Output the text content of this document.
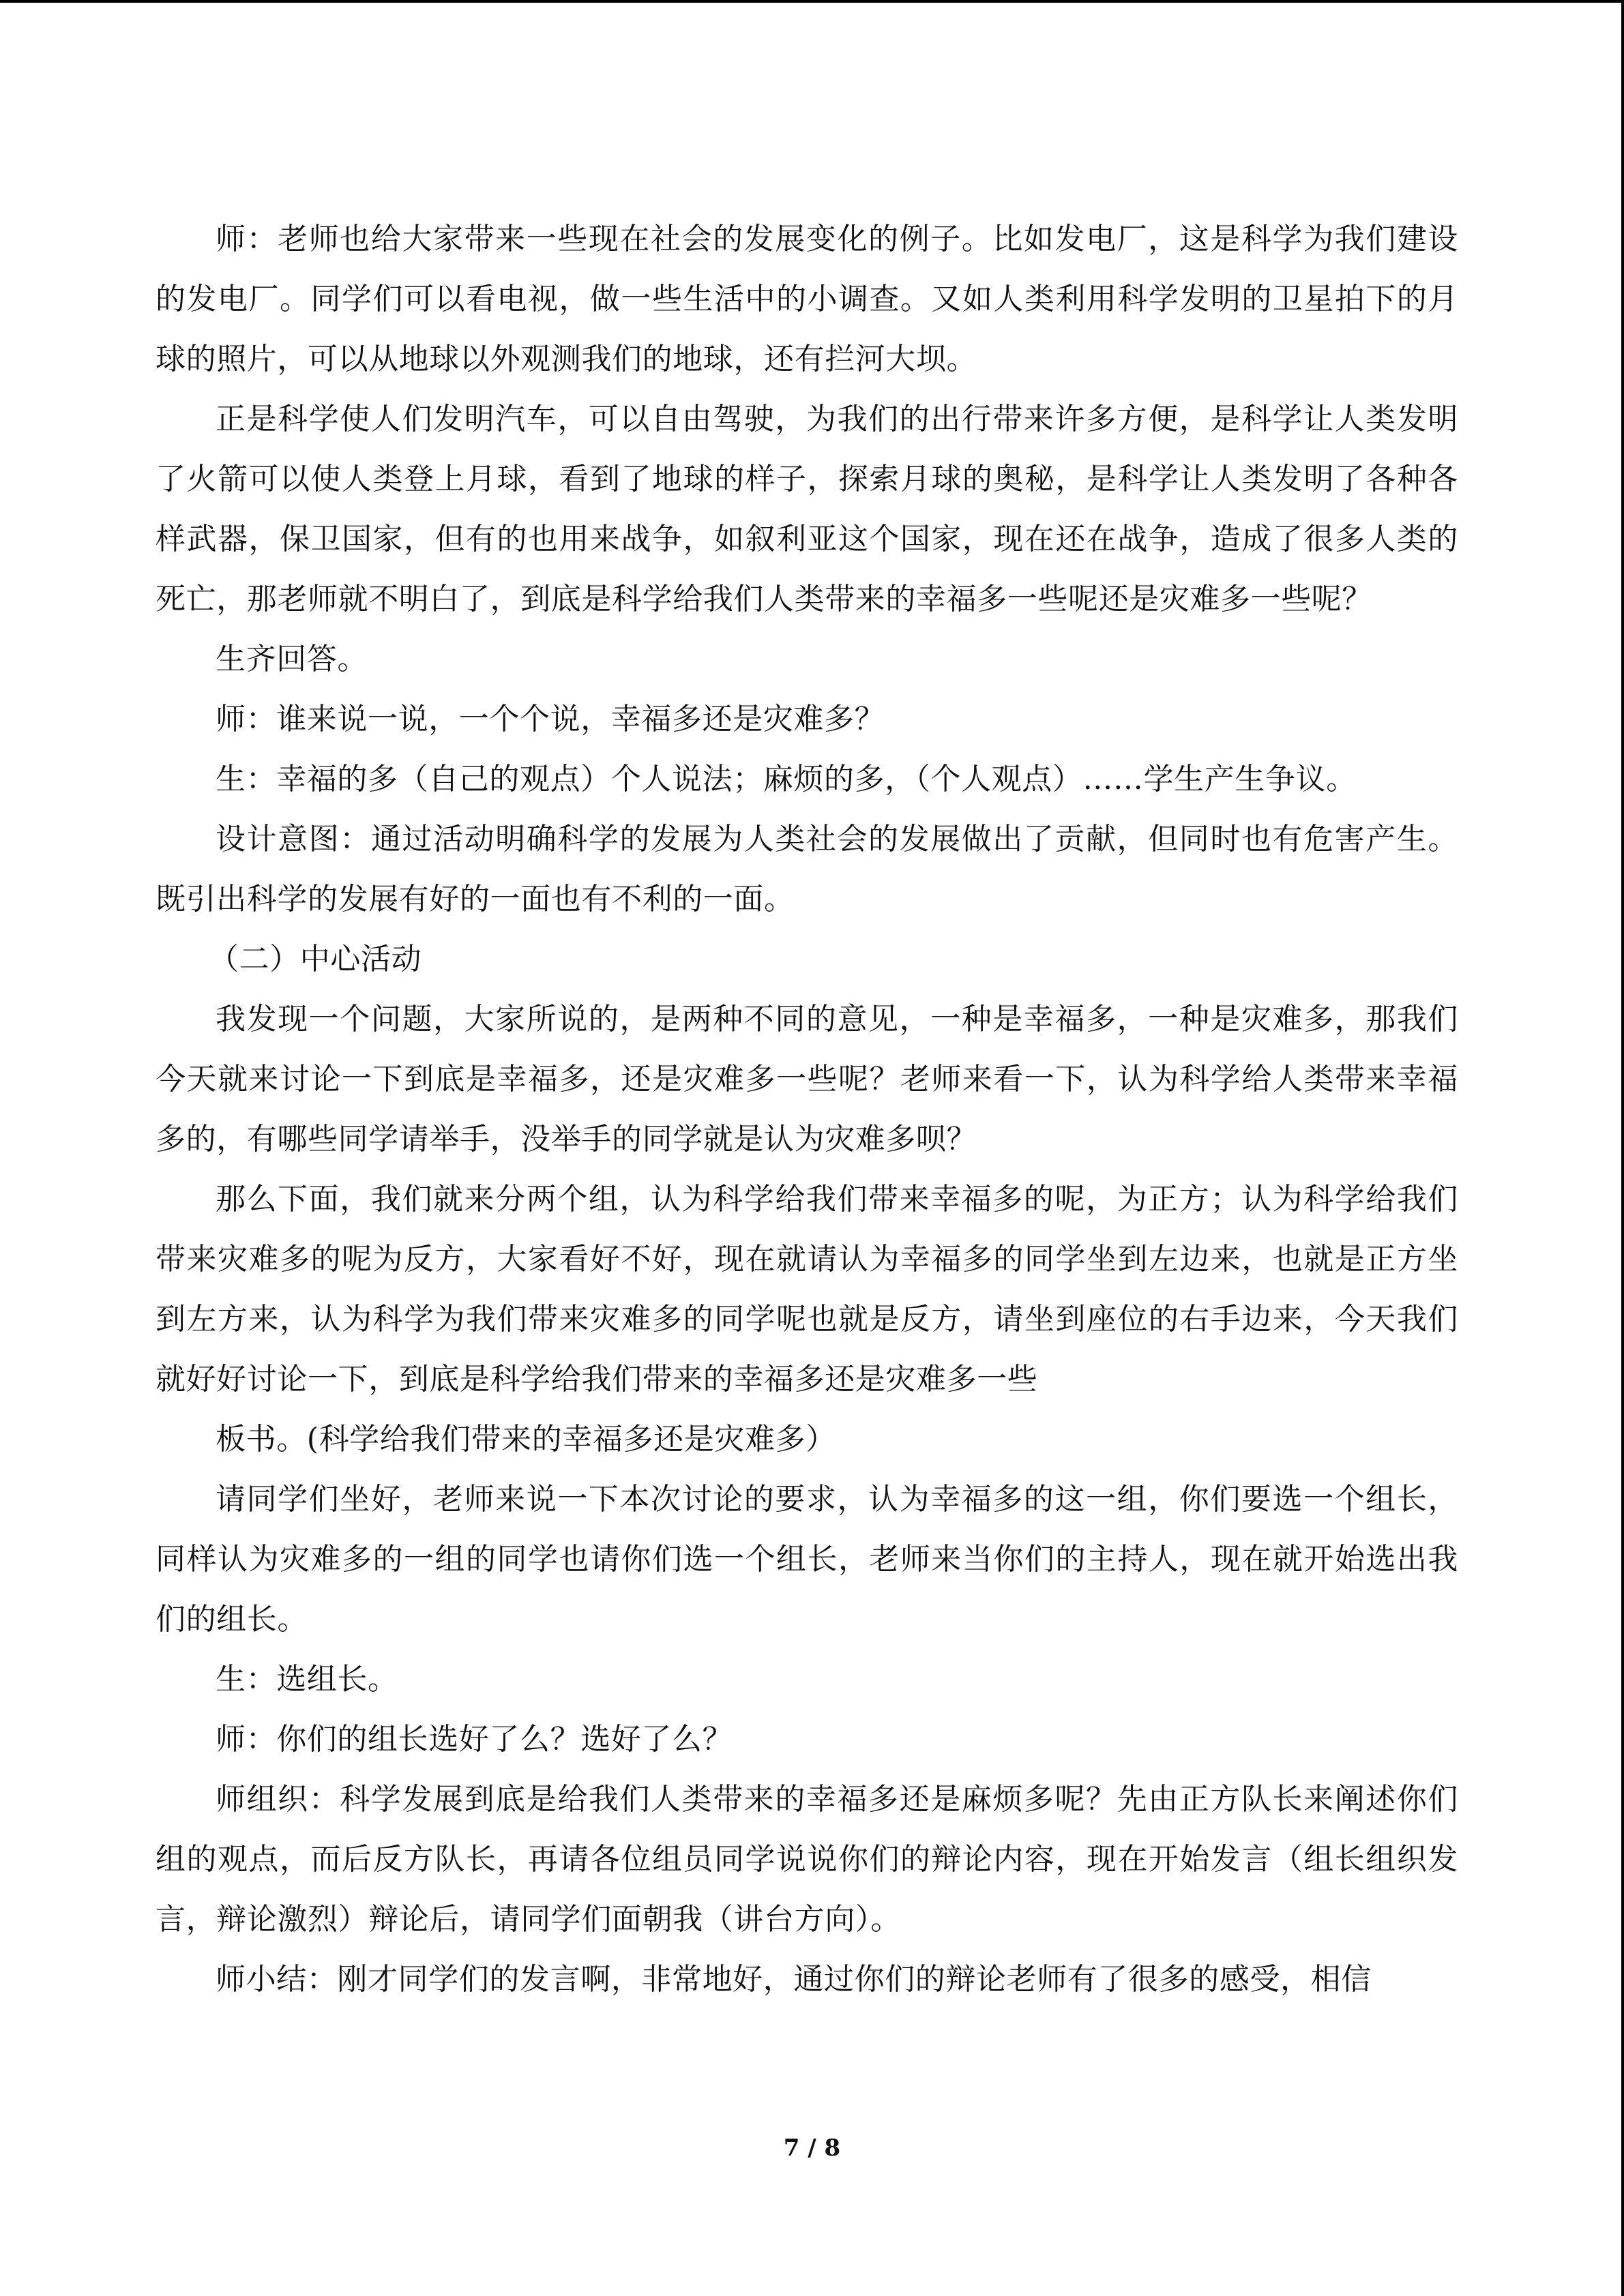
师：老师也给大家带来一些现在社会的发展变化的例子。比如发电厂，这是科学为我们建设的发电厂。同学们可以看电视，做一些生活中的小调查。又如人类利用科学发明的卫星拍下的月球的照片，可以从地球以外观测我们的地球，还有拦河大坝。

正是科学使人们发明汽车，可以自由驾驶，为我们的出行带来许多方便，是科学让人类发明了火箭可以使人类登上月球，看到了地球的样子，探索月球的奥秘，是科学让人类发明了各种各样武器，保卫国家，但有的也用来战争，如叙利亚这个国家，现在还在战争，造成了很多人类的死亡，那老师就不明白了，到底是科学给我们人类带来的幸福多一些呢还是灾难多一些呢？

生齐回答。

师：谁来说一说，一个个说，幸福多还是灾难多？

生：幸福的多（自己的观点）个人说法；麻烦的多，（个人观点）……学生产生争议。

设计意图：通过活动明确科学的发展为人类社会的发展做出了贡献，但同时也有危害产生。既引出科学的发展有好的一面也有不利的一面。

（二）中心活动

我发现一个问题，大家所说的，是两种不同的意见，一种是幸福多，一种是灾难多，那我们今天就来讨论一下到底是幸福多，还是灾难多一些呢？老师来看一下，认为科学给人类带来幸福多的，有哪些同学请举手，没举手的同学就是认为灾难多呗？

那么下面，我们就来分两个组，认为科学给我们带来幸福多的呢，为正方；认为科学给我们带来灾难多的呢为反方，大家看好不好，现在就请认为幸福多的同学坐到左边来，也就是正方坐到左方来，认为科学为我们带来灾难多的同学呢也就是反方，请坐到座位的右手边来，今天我们就好好讨论一下，到底是科学给我们带来的幸福多还是灾难多一些

板书。(科学给我们带来的幸福多还是灾难多）

请同学们坐好，老师来说一下本次讨论的要求，认为幸福多的这一组，你们要选一个组长，同样认为灾难多的一组的同学也请你们选一个组长，老师来当你们的主持人，现在就开始选出我们的组长。

生：选组长。

师：你们的组长选好了么？选好了么？

师组织：科学发展到底是给我们人类带来的幸福多还是麻烦多呢？先由正方队长来阐述你们组的观点，而后反方队长，再请各位组员同学说说你们的辩论内容，现在开始发言（组长组织发言，辩论激烈）辩论后，请同学们面朝我（讲台方向）。

师小结：刚才同学们的发言啊，非常地好，通过你们的辩论老师有了很多的感受，相信

7 / 8
